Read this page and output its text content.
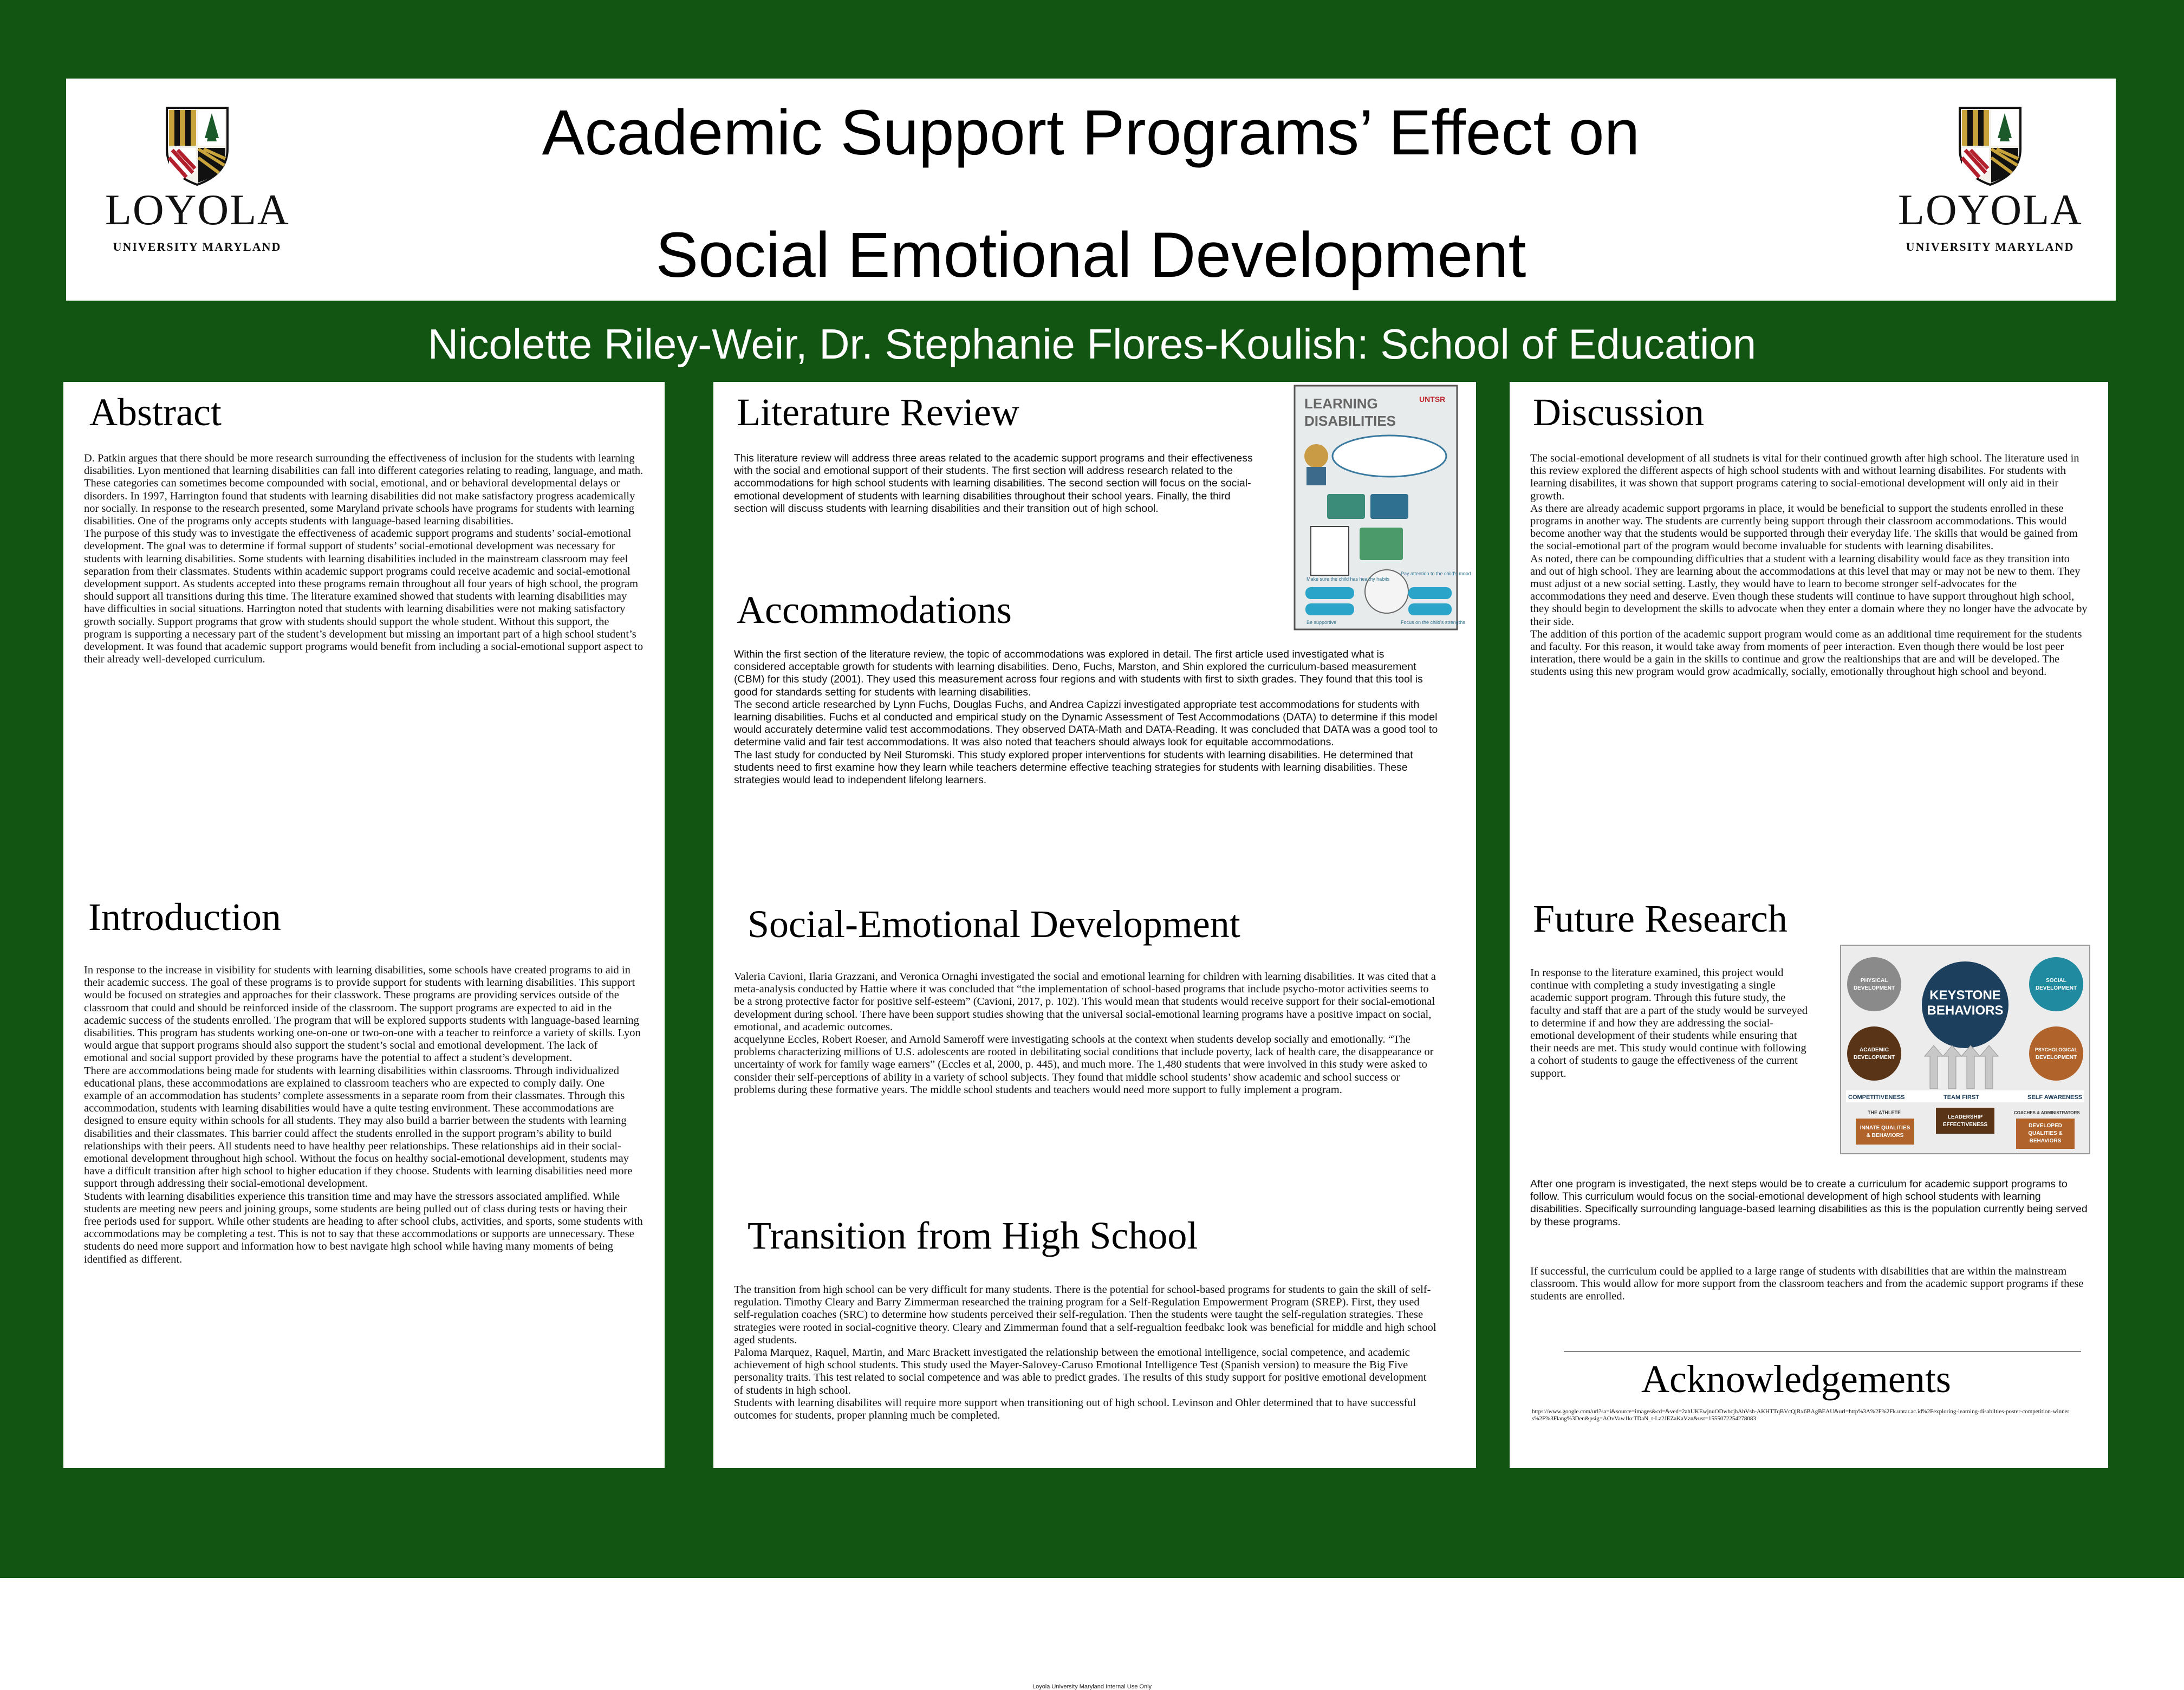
LOYOLA
UNIVERSITY MARYLAND
Academic Support Programs’ Effect on
Social Emotional Development
LOYOLA
UNIVERSITY MARYLAND
Nicolette Riley-Weir, Dr. Stephanie Flores-Koulish: School of Education
Abstract

D. Patkin argues that there should be more research surrounding the effectiveness of inclusion for the students with learning disabilities. Lyon mentioned that learning disabilities can fall into different categories relating to reading, language, and math. These categories can sometimes become compounded with social, emotional, and or behavioral developmental delays or disorders. In 1997, Harrington found that students with learning disabilities did not make satisfactory progress academically nor socially. In response to the research presented, some Maryland private schools have programs for students with learning disabilities. One of the programs only accepts students with language-based learning disabilities.

The purpose of this study was to investigate the effectiveness of academic support programs and students’ social-emotional development. The goal was to determine if formal support of students’ social-emotional development was necessary for students with learning disabilities. Some students with learning disabilities included in the mainstream classroom may feel separation from their classmates. Students within academic support programs could receive academic and social-emotional development support. As students accepted into these programs remain throughout all four years of high school, the program should support all transitions during this time. The literature examined showed that students with learning disabilities may have difficulties in social situations. Harrington noted that students with learning disabilities were not making satisfactory growth socially. Support programs that grow with students should support the whole student. Without this support, the program is supporting a necessary part of the student’s development but missing an important part of a high school student’s development. It was found that academic support programs would benefit from including a social-emotional support aspect to their already well-developed curriculum.

Introduction

In response to the increase in visibility for students with learning disabilities, some schools have created programs to aid in their academic success. The goal of these programs is to provide support for students with learning disabilities. This support would be focused on strategies and approaches for their classwork. These programs are providing services outside of the classroom that could and should be reinforced inside of the classroom. The support programs are expected to aid in the academic success of the students enrolled. The program that will be explored supports students with language-based learning disabilities. This program has students working one-on-one or two-on-one with a teacher to reinforce a variety of skills. Lyon would argue that support programs should also support the student’s social and emotional development. The lack of emotional and social support provided by these programs have the potential to affect a student’s development.

There are accommodations being made for students with learning disabilities within classrooms. Through individualized educational plans, these accommodations are explained to classroom teachers who are expected to comply daily. One example of an accommodation has students’ complete assessments in a separate room from their classmates. Through this accommodation, students with learning disabilities would have a quite testing environment. These accommodations are designed to ensure equity within schools for all students. They may also build a barrier between the students with learning disabilities and their classmates. This barrier could affect the students enrolled in the support program’s ability to build relationships with their peers. All students need to have healthy peer relationships. These relationships aid in their social-emotional development throughout high school. Without the focus on healthy social-emotional development, students may have a difficult transition after high school to higher education if they choose. Students with learning disabilities need more support through addressing their social-emotional development.

Students with learning disabilities experience this transition time and may have the stressors associated amplified. While students are meeting new peers and joining groups, some students are being pulled out of class during tests or having their free periods used for support. While other students are heading to after school clubs, activities, and sports, some students with accommodations may be completing a test. This is not to say that these accommodations or supports are unnecessary. These students do need more support and information how to best navigate high school while having many moments of being identified as different.

Literature Review

This literature review will address three areas related to the academic support programs and their effectiveness with the social and emotional support of their students. The first section will address research related to the accommodations for high school students with learning disabilities. The second section will focus on the social-emotional development of students with learning disabilities throughout their school years. Finally, the third section will discuss students with learning disabilities and their transition out of high school.

LEARNING
DISABILITIES
UNTSR
Make sure the child has healthy habits
Pay attention to the child's mood
Focus on the child's strengths
Be supportive
Accommodations

Within the first section of the literature review, the topic of accommodations was explored in detail. The first article used investigated what is considered acceptable growth for students with learning disabilities. Deno, Fuchs, Marston, and Shin explored the curriculum-based measurement (CBM) for this study (2001). They used this measurement across four regions and with students with first to sixth grades. They found that this tool is good for standards setting for students with learning disabilities.

The second article researched by Lynn Fuchs, Douglas Fuchs, and Andrea Capizzi investigated appropriate test accommodations for students with learning disabilities. Fuchs et al conducted and empirical study on the Dynamic Assessment of Test Accommodations (DATA) to determine if this model would accurately determine valid test accommodations. They observed DATA-Math and DATA-Reading. It was concluded that DATA was a good tool to determine valid and fair test accommodations. It was also noted that teachers should always look for equitable accommodations.

The last study for conducted by Neil Sturomski. This study explored proper interventions for students with learning disabilities. He determined that students need to first examine how they learn while teachers determine effective teaching strategies for students with learning disabilities. These strategies would lead to independent lifelong learners.

Social-Emotional Development

Valeria Cavioni, Ilaria Grazzani, and Veronica Ornaghi investigated the social and emotional learning for children with learning disabilities. It was cited that a meta-analysis conducted by Hattie where it was concluded that “the implementation of school-based programs that include psycho-motor activities seems to be a strong protective factor for positive self-esteem” (Cavioni, 2017, p. 102). This would mean that students would receive support for their social-emotional development during school. There have been support studies showing that the universal social-emotional learning programs have a positive impact on social, emotional, and academic outcomes.

acquelynne Eccles, Robert Roeser, and Arnold Sameroff were investigating schools at the context when students develop socially and emotionally. “The problems characterizing millions of U.S. adolescents are rooted in debilitating social conditions that include poverty, lack of health care, the disappearance or uncertainty of work for family wage earners” (Eccles et al, 2000, p. 445), and much more. The 1,480 students that were involved in this study were asked to consider their self-perceptions of ability in a variety of school subjects. They found that middle school students’ show academic and school success or problems during these formative years. The middle school students and teachers would need more support to fully implement a program.

Transition from High School

The transition from high school can be very difficult for many students. There is the potential for school-based programs for students to gain the skill of self-regulation. Timothy Cleary and Barry Zimmerman researched the training program for a Self-Regulation Empowerment Program (SREP). First, they used self-regulation coaches (SRC) to determine how students perceived their self-regulation. Then the students were taught the self-regulation strategies. These strategies were rooted in social-cognitive theory. Cleary and Zimmerman found that a self-regualtion feedbakc look was beneficial for middle and high school aged students.

Paloma Marquez, Raquel, Martin, and Marc Brackett investigated the relationship between the emotional intelligence, social competence, and academic achievement of high school students. This study used the Mayer-Salovey-Caruso Emotional Intelligence Test (Spanish version) to measure the Big Five personality traits. This test related to social competence and was able to predict grades. The results of this study support for positive emotional development of students in high school.

Students with learning disabilites will require more support when transitioning out of high school. Levinson and Ohler determined that to have successful outcomes for students, proper planning much be completed.

Discussion

The social-emotional development of all studnets is vital for their continued growth after high school. The literature used in this review explored the different aspects of high school students with and without learning disabilites. For students with learning disabilites, it was shown that support programs catering to social-emotional development will only aid in their growth.

As there are already academic support prgorams in place, it would be beneficial to support the students enrolled in these programs in another way. The students are currently being support through their classroom accommodations. This would become another way that the students would be supported through their everyday life. The skills that would be gained from the social-emotional part of the program would become invaluable for students with learning disabilites.

As noted, there can be compounding difficulties that a student with a learning disability would face as they transition into and out of high school. They are learning about the accommodations at this level that may or may not be new to them. They must adjust ot a new social setting. Lastly, they would have to learn to become stronger self-advocates for the accommodations they need and deserve. Even though these students will continue to have support throughout high school, they should begin to development the skills to advocate when they enter a domain where they no longer have the advocate by their side.

The addition of this portion of the academic support program would come as an additional time requirement for the students and faculty. For this reason, it would take away from moments of peer interaction. Even though there would be lost peer interation, there would be a gain in the skills to continue and grow the realtionships that are and will be developed. The students using this new program would grow acadmically, socially, emotionally throughout high school and beyond.

Future Research

In response to the literature examined, this project would continue with completing a study investigating a single academic support program. Through this future study, the faculty and staff that are a part of the study would be surveyed to determine if and how they are addressing the social-emotional development of their students while ensuring that their needs are met. This study would continue with following a cohort of students to gauge the effectiveness of the current support.

KEYSTONE
BEHAVIORS
PHYSICAL
DEVELOPMENT
SOCIAL
DEVELOPMENT
ACADEMIC
DEVELOPMENT
PSYCHOLOGICAL
DEVELOPMENT
COMPETITIVENESS	TEAM FIRST	SELF AWARENESS
THE ATHLETE	COACHES & ADMINISTRATORS
INNATE QUALITIES
& BEHAVIORS
LEADERSHIP
EFFECTIVENESS	DEVELOPED
QUALITIES &
BEHAVIORS

After one program is investigated, the next steps would be to create a curriculum for academic support programs to follow. This curriculum would focus on the social-emotional development of high school students with learning disabilities. Specifically surrounding language-based learning disabilities as this is the population currently being served by these programs.

If successful, the curriculum could be applied to a large range of students with disabilities that are within the mainstream classroom. This would allow for more support from the classroom teachers and from the academic support programs if these students are enrolled.

Acknowledgements
https://www.google.com/url?sa=i&source=images&cd=&ved=2ahUKEwjnuODwbcjhAhVsh-AKHTTqBVcQjRx6BAgBEAU&url=http%3A%2F%2Fk.untar.ac.id%2Fexploring-learning-disabilties-poster-competition-winners%2F%3Flang%3Den&psig=AOvVaw1kcTDaN_t-Lz2JEZaKaVzn&ust=1555072254278083
Loyola University Maryland Internal Use Only
